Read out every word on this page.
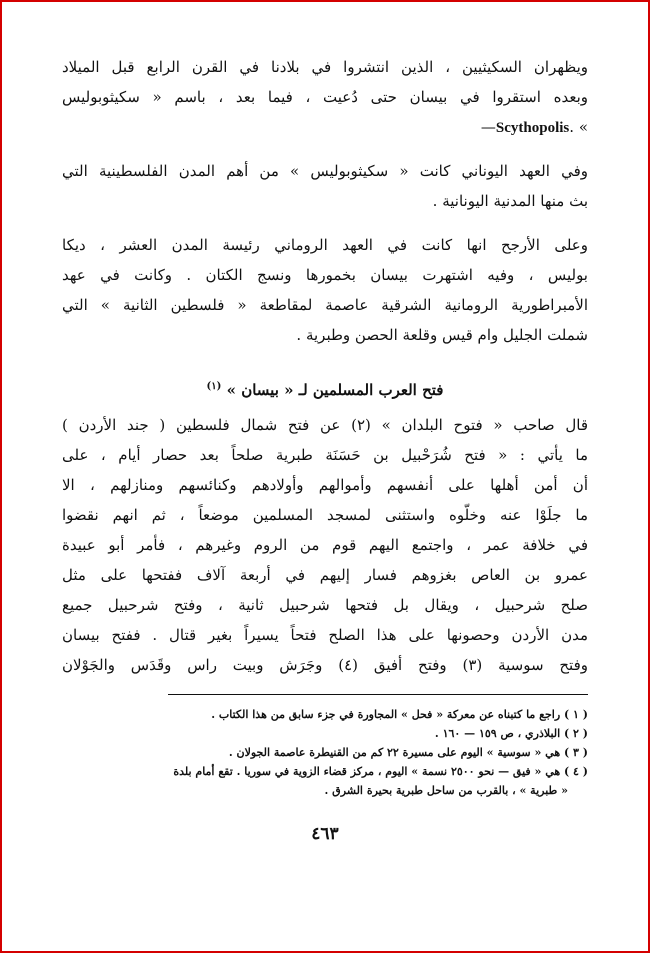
ويظهران السكيثيين ، الذين انتشروا في بلادنا في القرن الرابع قبل الميلاد
وبعده استقروا في بيسان حتى دُعيت ، فيما بعد ، باسم « سكيثوبوليس
» .Scythopolis—
وفي العهد اليوناني كانت « سكيثوبوليس » من أهم المدن الفلسطينية التي
بث منها المدنية اليونانية .
وعلى الأرجح انها كانت في العهد الروماني رئيسة المدن العشر ، ديكا
بوليس ، وفيه اشتهرت بيسان بخمورها ونسج الكتان . وكانت في عهد
الأمبراطورية الرومانية الشرقية عاصمة لمقاطعة « فلسطين الثانية » التي
شملت الجليل وام قيس وقلعة الحصن وطبرية .
فتح العرب المسلمين لـ « بيسان » $^{(١)}$
قال صاحب « فتوح البلدان » (٢) عن فتح شمال فلسطين ( جند الأردن )
ما يأتي : « فتح شُرَحْبيل بن حَسَنَة طبرية صلحاً بعد حصار أيام ، على
أن أمن أهلها على أنفسهم وأموالهم وأولادهم وكنائسهم ومنازلهم ، الا
ما جلَوْا عنه وخلّوه واستثنى لمسجد المسلمين موضعاً ، ثم انهم نقضوا
في خلافة عمر ، واجتمع اليهم قوم من الروم وغيرهم ، فأمر أبو عبيدة
عمرو بن العاص بغزوهم فسار إليهم في أربعة آلاف ففتحها على مثل
صلح شرحبيل ، ويقال بل فتحها شرحبيل ثانية ، وفتح شرحبيل جميع
مدن الأردن وحصونها على هذا الصلح فتحاً يسيراً بغير قتال . ففتح بيسان
وفتح سوسية (٣) وفتح أفيق (٤) وجَرَش وبيت راس وقَدَس والجَوْلان
( ١ ) راجع ما كتبناه عن معركة « فحل » المجاورة في جزء سابق من هذا الكتاب .
( ٢ ) البلاذري ، ص ١٥٩ — ١٦٠ .
( ٣ ) هي « سوسية » اليوم على مسيرة ٢٢ كم من القنيطرة عاصمة الجولان .
( ٤ ) هي « فيق — نحو ٢٥٠٠ نسمة » اليوم ، مركز قضاء الزوية في سوريا . تقع أمام بلدة
« طبرية » ، بالقرب من ساحل طبرية بحيرة الشرق .
٤٦٣
